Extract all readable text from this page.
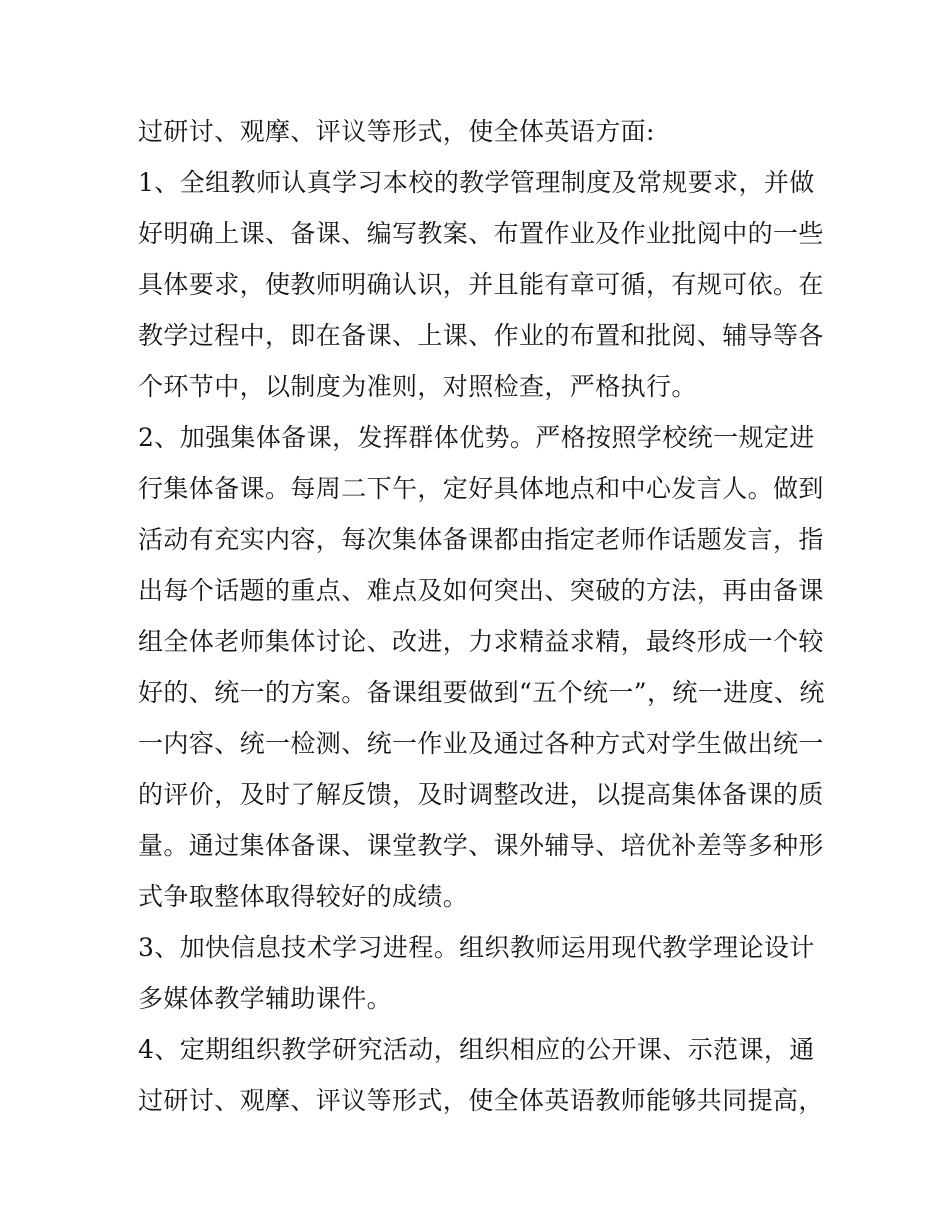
过研讨、观摩、评议等形式，使全体英语方面:
1、全组教师认真学习本校的教学管理制度及常规要求，并做
好明确上课、备课、编写教案、布置作业及作业批阅中的一些
具体要求，使教师明确认识，并且能有章可循，有规可依。在
教学过程中，即在备课、上课、作业的布置和批阅、辅导等各
个环节中，以制度为准则，对照检查，严格执行。
2、加强集体备课，发挥群体优势。严格按照学校统一规定进
行集体备课。每周二下午，定好具体地点和中心发言人。做到
活动有充实内容，每次集体备课都由指定老师作话题发言，指
出每个话题的重点、难点及如何突出、突破的方法，再由备课
组全体老师集体讨论、改进，力求精益求精，最终形成一个较
好的、统一的方案。备课组要做到“五个统一”，统一进度、统
一内容、统一检测、统一作业及通过各种方式对学生做出统一
的评价，及时了解反馈，及时调整改进，以提高集体备课的质
量。通过集体备课、课堂教学、课外辅导、培优补差等多种形
式争取整体取得较好的成绩。
3、加快信息技术学习进程。组织教师运用现代教学理论设计
多媒体教学辅助课件。
4、定期组织教学研究活动，组织相应的公开课、示范课，通
过研讨、观摩、评议等形式，使全体英语教师能够共同提高，
